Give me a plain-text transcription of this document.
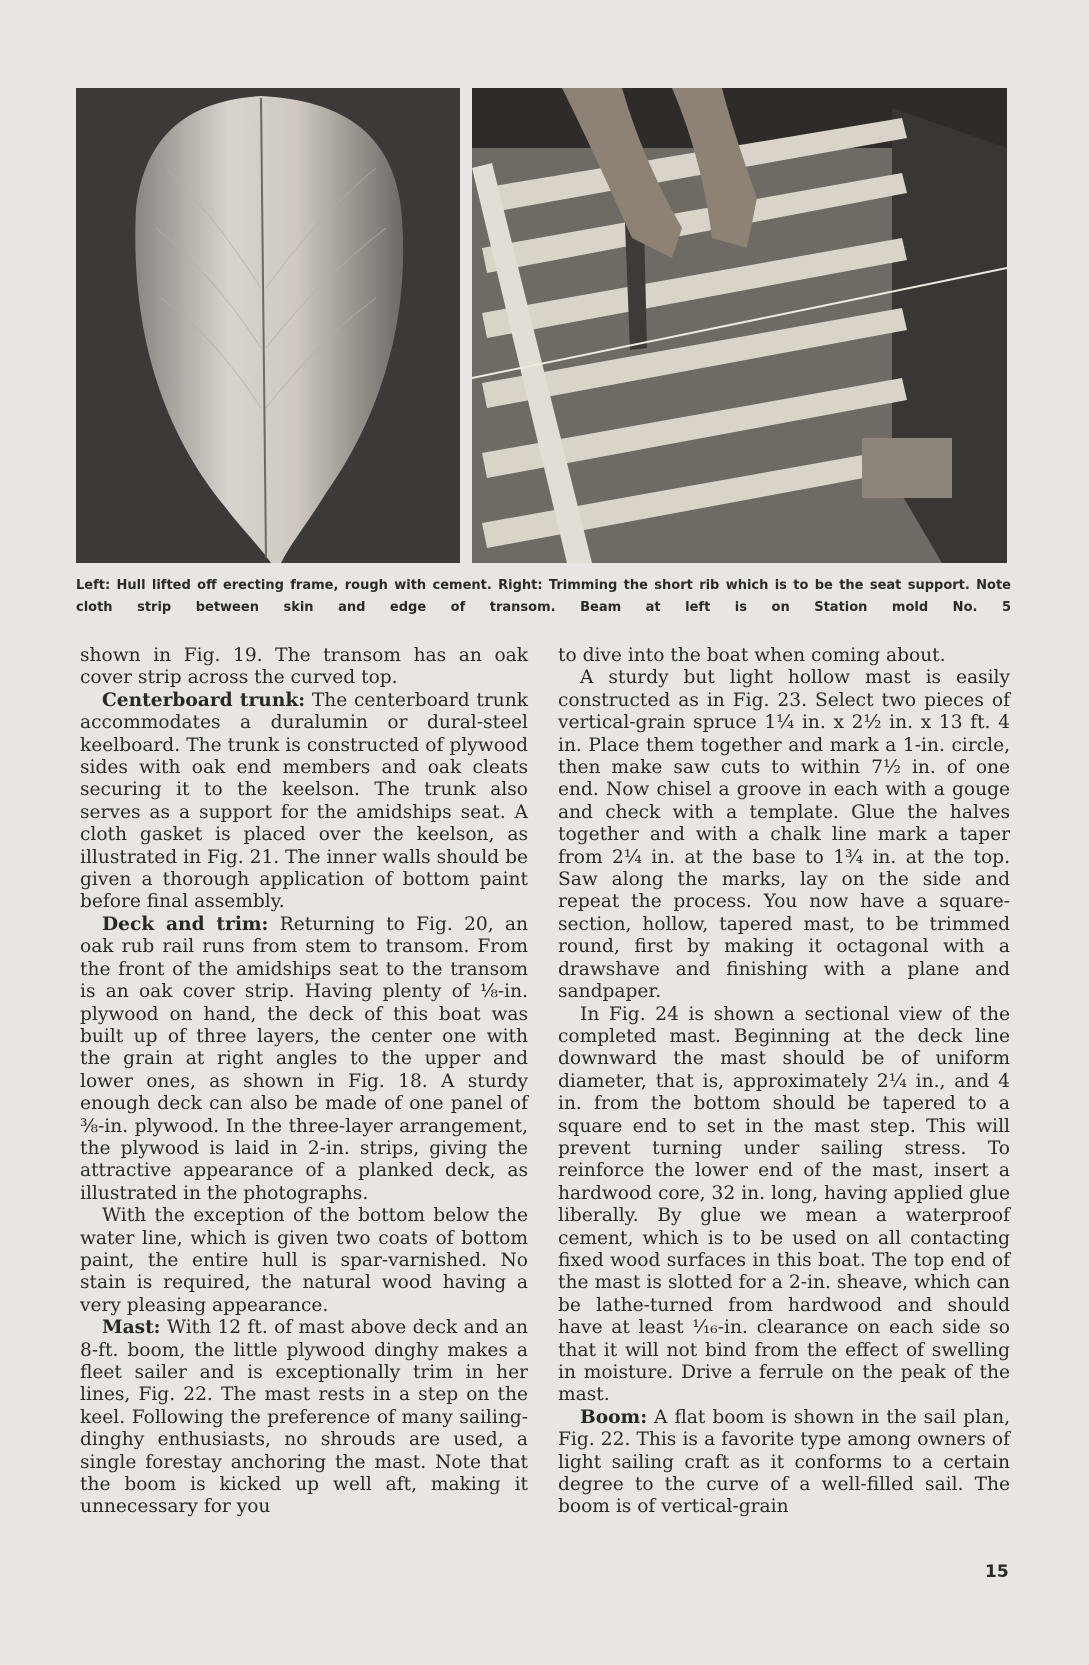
Left: Hull lifted off erecting frame, rough with cement. Right: Trimming the short rib which is to be the seat support. Note cloth strip between skin and edge of transom. Beam at left is on Station mold No. 5

shown in Fig. 19. The transom has an oak cover strip across the curved top.

Centerboard trunk: The centerboard trunk accommodates a duralumin or dural-steel keelboard. The trunk is constructed of plywood sides with oak end members and oak cleats securing it to the keelson. The trunk also serves as a support for the amidships seat. A cloth gasket is placed over the keelson, as illustrated in Fig. 21. The inner walls should be given a thorough application of bottom paint before final assembly.

Deck and trim: Returning to Fig. 20, an oak rub rail runs from stem to transom. From the front of the amidships seat to the transom is an oak cover strip. Having plenty of ⅛-in. plywood on hand, the deck of this boat was built up of three layers, the center one with the grain at right angles to the upper and lower ones, as shown in Fig. 18. A sturdy enough deck can also be made of one panel of ⅜-in. plywood. In the three-layer arrangement, the plywood is laid in 2-in. strips, giving the attractive appearance of a planked deck, as illustrated in the photographs.

With the exception of the bottom below the water line, which is given two coats of bottom paint, the entire hull is spar-varnished. No stain is required, the natural wood having a very pleasing appearance.

Mast: With 12 ft. of mast above deck and an 8-ft. boom, the little plywood dinghy makes a fleet sailer and is exceptionally trim in her lines, Fig. 22. The mast rests in a step on the keel. Following the preference of many sailing-dinghy enthusiasts, no shrouds are used, a single forestay anchoring the mast. Note that the boom is kicked up well aft, making it unnecessary for you

to dive into the boat when coming about.

A sturdy but light hollow mast is easily constructed as in Fig. 23. Select two pieces of vertical-grain spruce 1¼ in. x 2½ in. x 13 ft. 4 in. Place them together and mark a 1-in. circle, then make saw cuts to within 7½ in. of one end. Now chisel a groove in each with a gouge and check with a template. Glue the halves together and with a chalk line mark a taper from 2¼ in. at the base to 1¾ in. at the top. Saw along the marks, lay on the side and repeat the process. You now have a square-section, hollow, tapered mast, to be trimmed round, first by making it octagonal with a drawshave and finishing with a plane and sandpaper.

In Fig. 24 is shown a sectional view of the completed mast. Beginning at the deck line downward the mast should be of uniform diameter, that is, approximately 2¼ in., and 4 in. from the bottom should be tapered to a square end to set in the mast step. This will prevent turning under sailing stress. To reinforce the lower end of the mast, insert a hardwood core, 32 in. long, having applied glue liberally. By glue we mean a waterproof cement, which is to be used on all contacting fixed wood surfaces in this boat. The top end of the mast is slotted for a 2-in. sheave, which can be lathe-turned from hardwood and should have at least ¹⁄₁₆-in. clearance on each side so that it will not bind from the effect of swelling in moisture. Drive a ferrule on the peak of the mast.

Boom: A flat boom is shown in the sail plan, Fig. 22. This is a favorite type among owners of light sailing craft as it conforms to a certain degree to the curve of a well-filled sail. The boom is of vertical-grain

15
